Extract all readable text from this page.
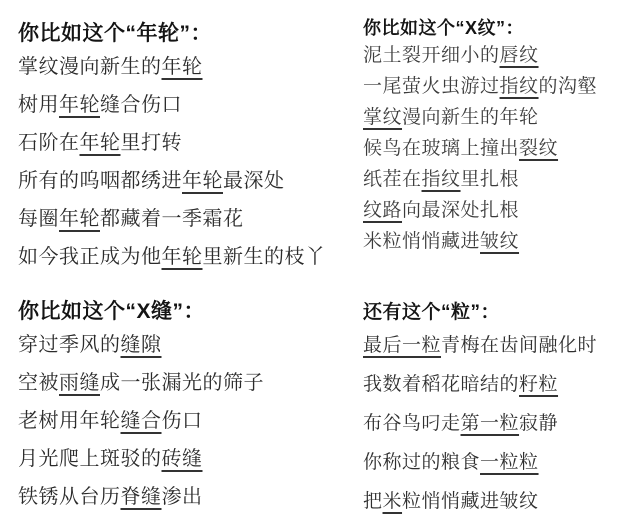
你比如这个“年轮”：
掌纹漫向新生的年轮
树用年轮缝合伤口
石阶在年轮里打转
所有的呜咽都绣进年轮最深处
每圈年轮都藏着一季霜花
如今我正成为他年轮里新生的枝丫
你比如这个“X纹”：
泥土裂开细小的唇纹
一尾萤火虫游过指纹的沟壑
掌纹漫向新生的年轮
候鸟在玻璃上撞出裂纹
纸茬在指纹里扎根
纹路向最深处扎根
米粒悄悄藏进皱纹
你比如这个“X缝”：
穿过季风的缝隙
空被雨缝成一张漏光的筛子
老树用年轮缝合伤口
月光爬上斑驳的砖缝
铁锈从台历脊缝渗出
还有这个“粒”：
最后一粒青梅在齿间融化时
我数着稻花暗结的籽粒
布谷鸟叼走第一粒寂静
你称过的粮食一粒粒
把米粒悄悄藏进皱纹
